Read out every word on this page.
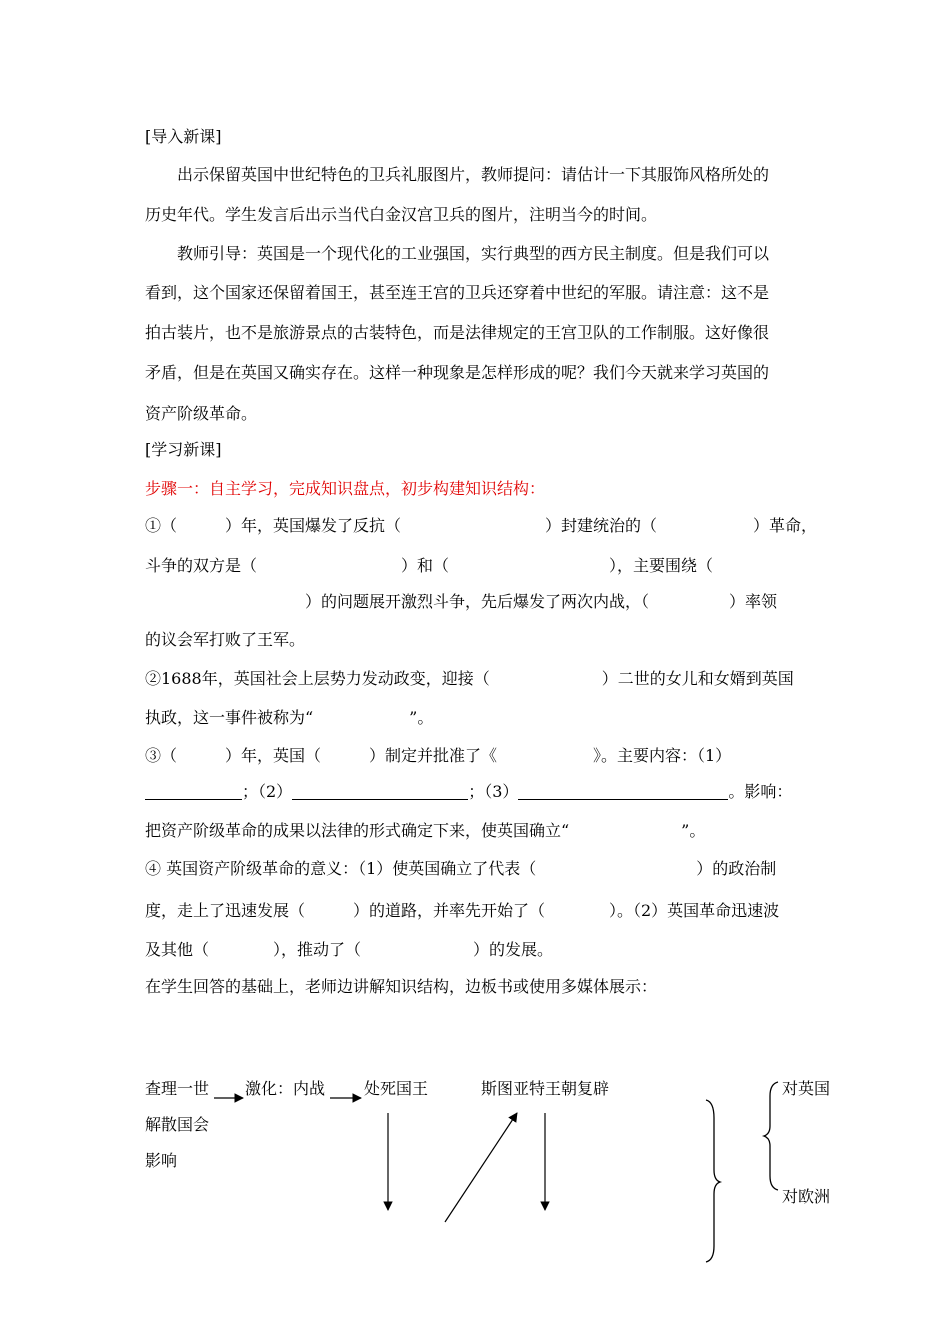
[导入新课]
出示保留英国中世纪特色的卫兵礼服图片，教师提问：请估计一下其服饰风格所处的
历史年代。学生发言后出示当代白金汉宫卫兵的图片，注明当今的时间。
教师引导：英国是一个现代化的工业强国，实行典型的西方民主制度。但是我们可以
看到，这个国家还保留着国王，甚至连王宫的卫兵还穿着中世纪的军服。请注意：这不是
拍古装片，也不是旅游景点的古装特色，而是法律规定的王宫卫队的工作制服。这好像很
矛盾，但是在英国又确实存在。这样一种现象是怎样形成的呢？我们今天就来学习英国的
资产阶级革命。
[学习新课]
步骤一：自主学习，完成知识盘点，初步构建知识结构：
①（　　　）年，英国爆发了反抗（　　　　　　　　　）封建统治的（　　　　　　）革命，
斗争的双方是（　　　　　　　　　）和（　　　　　　　　　　），主要围绕（
　　　　　　　　　　）的问题展开激烈斗争，先后爆发了两次内战，（　　　　　）率领
的议会军打败了王军。
②1688年，英国社会上层势力发动政变，迎接（　　　　　　　）二世的女儿和女婿到英国
执政，这一事件被称为“　　　　　　”。
③（　　　）年，英国（　　　）制定并批准了《　　　　　　》。主要内容：（1）
；（2）	；（3）	。影响：
把资产阶级革命的成果以法律的形式确定下来，使英国确立“　　　　　　　”。
④ 英国资产阶级革命的意义：（1）使英国确立了代表（　　　　　　　　　　）的政治制
度，走上了迅速发展（　　　）的道路，并率先开始了（　　　　）。（2）英国革命迅速波
及其他（　　　　），推动了（　　　　　　　）的发展。
在学生回答的基础上，老师边讲解知识结构，边板书或使用多媒体展示：
查理一世
解散国会
影响
激化：内战 处死国王	斯图亚特王朝复辟	对英国
对欧洲
